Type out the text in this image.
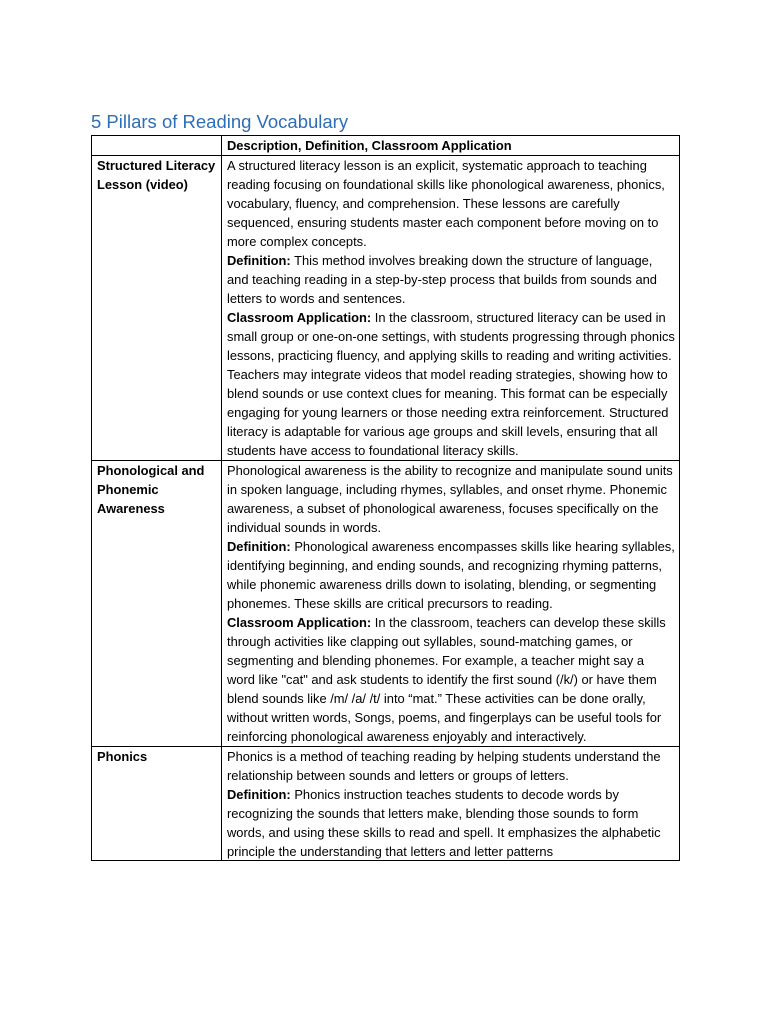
5 Pillars of Reading Vocabulary
	Description, Definition, Classroom Application
Structured Literacy Lesson (video)	A structured literacy lesson is an explicit, systematic approach to teaching reading focusing on foundational skills like phonological awareness, phonics, vocabulary, fluency, and comprehension. These lessons are carefully sequenced, ensuring students master each component before moving on to more complex concepts.
Definition: This method involves breaking down the structure of language, and teaching reading in a step-by-step process that builds from sounds and letters to words and sentences.
Classroom Application: In the classroom, structured literacy can be used in small group or one-on-one settings, with students progressing through phonics lessons, practicing fluency, and applying skills to reading and writing activities. Teachers may integrate videos that model reading strategies, showing how to blend sounds or use context clues for meaning. This format can be especially engaging for young learners or those needing extra reinforcement. Structured literacy is adaptable for various age groups and skill levels, ensuring that all students have access to foundational literacy skills.

Phonological and Phonemic Awareness	Phonological awareness is the ability to recognize and manipulate sound units in spoken language, including rhymes, syllables, and onset rhyme. Phonemic awareness, a subset of phonological awareness, focuses specifically on the individual sounds in words.
Definition: Phonological awareness encompasses skills like hearing syllables, identifying beginning, and ending sounds, and recognizing rhyming patterns, while phonemic awareness drills down to isolating, blending, or segmenting phonemes. These skills are critical precursors to reading.
Classroom Application: In the classroom, teachers can develop these skills through activities like clapping out syllables, sound-matching games, or segmenting and blending phonemes. For example, a teacher might say a word like "cat" and ask students to identify the first sound (/k/) or have them blend sounds like /m/ /a/ /t/ into “mat.” These activities can be done orally, without written words, Songs, poems, and fingerplays can be useful tools for reinforcing phonological awareness enjoyably and interactively.

Phonics	Phonics is a method of teaching reading by helping students understand the relationship between sounds and letters or groups of letters.
Definition: Phonics instruction teaches students to decode words by recognizing the sounds that letters make, blending those sounds to form words, and using these skills to read and spell. It emphasizes the alphabetic principle the understanding that letters and letter patterns
